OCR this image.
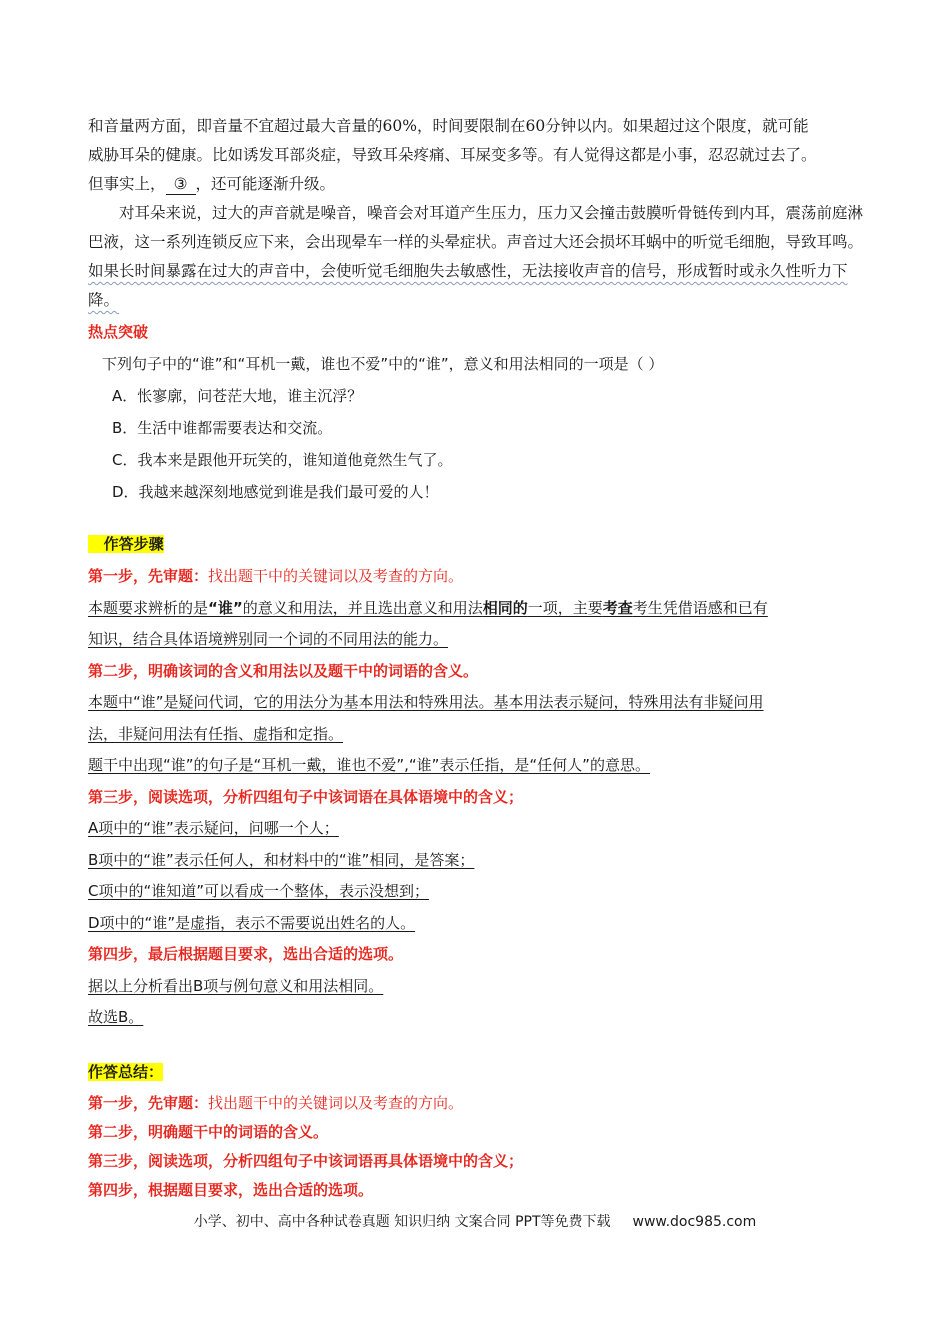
和音量两方面，即音量不宜超过最大音量的60%，时间要限制在60分钟以内。如果超过这个限度，就可能

威胁耳朵的健康。比如诱发耳部炎症，导致耳朵疼痛、耳屎变多等。有人觉得这都是小事，忍忍就过去了。

但事实上， ③ ，还可能逐渐升级。

对耳朵来说，过大的声音就是噪音，噪音会对耳道产生压力，压力又会撞击鼓膜听骨链传到内耳，震荡前庭淋巴液，这一系列连锁反应下来，会出现晕车一样的头晕症状。声音过大还会损坏耳蜗中的听觉毛细胞，导致耳鸣。如果长时间暴露在过大的声音中，会使听觉毛细胞失去敏感性，无法接收声音的信号，形成暂时或永久性听力下降。

热点突破

下列句子中的“谁”和“耳机一戴，谁也不爱”中的“谁”，意义和用法相同的一项是（ ）

A．怅寥廓，问苍茫大地，谁主沉浮？

B．生活中谁都需要表达和交流。

C．我本来是跟他开玩笑的，谁知道他竟然生气了。

D．我越来越深刻地感觉到谁是我们最可爱的人！

作答步骤

第一步，先审题：找出题干中的关键词以及考查的方向。

本题要求辨析的是“谁”的意义和用法，并且选出意义和用法相同的一项，主要考查考生凭借语感和已有

知识，结合具体语境辨别同一个词的不同用法的能力。

第二步，明确该词的含义和用法以及题干中的词语的含义。

本题中“谁”是疑问代词，它的用法分为基本用法和特殊用法。基本用法表示疑问，特殊用法有非疑问用

法，非疑问用法有任指、虚指和定指。

题干中出现“谁”的句子是“耳机一戴，谁也不爱”,“谁”表示任指，是“任何人”的意思。

第三步，阅读选项，分析四组句子中该词语在具体语境中的含义；

A项中的“谁”表示疑问，问哪一个人；

B项中的“谁”表示任何人，和材料中的“谁”相同，是答案；

C项中的“谁知道”可以看成一个整体，表示没想到；

D项中的“谁”是虚指，表示不需要说出姓名的人。

第四步，最后根据题目要求，选出合适的选项。

据以上分析看出B项与例句意义和用法相同。

故选B。

作答总结：

第一步，先审题：找出题干中的关键词以及考查的方向。

第二步，明确题干中的词语的含义。

第三步，阅读选项，分析四组句子中该词语再具体语境中的含义；

第四步，根据题目要求，选出合适的选项。

小学、初中、高中各种试卷真题 知识归纳 文案合同 PPT等免费下载 www.doc985.com
